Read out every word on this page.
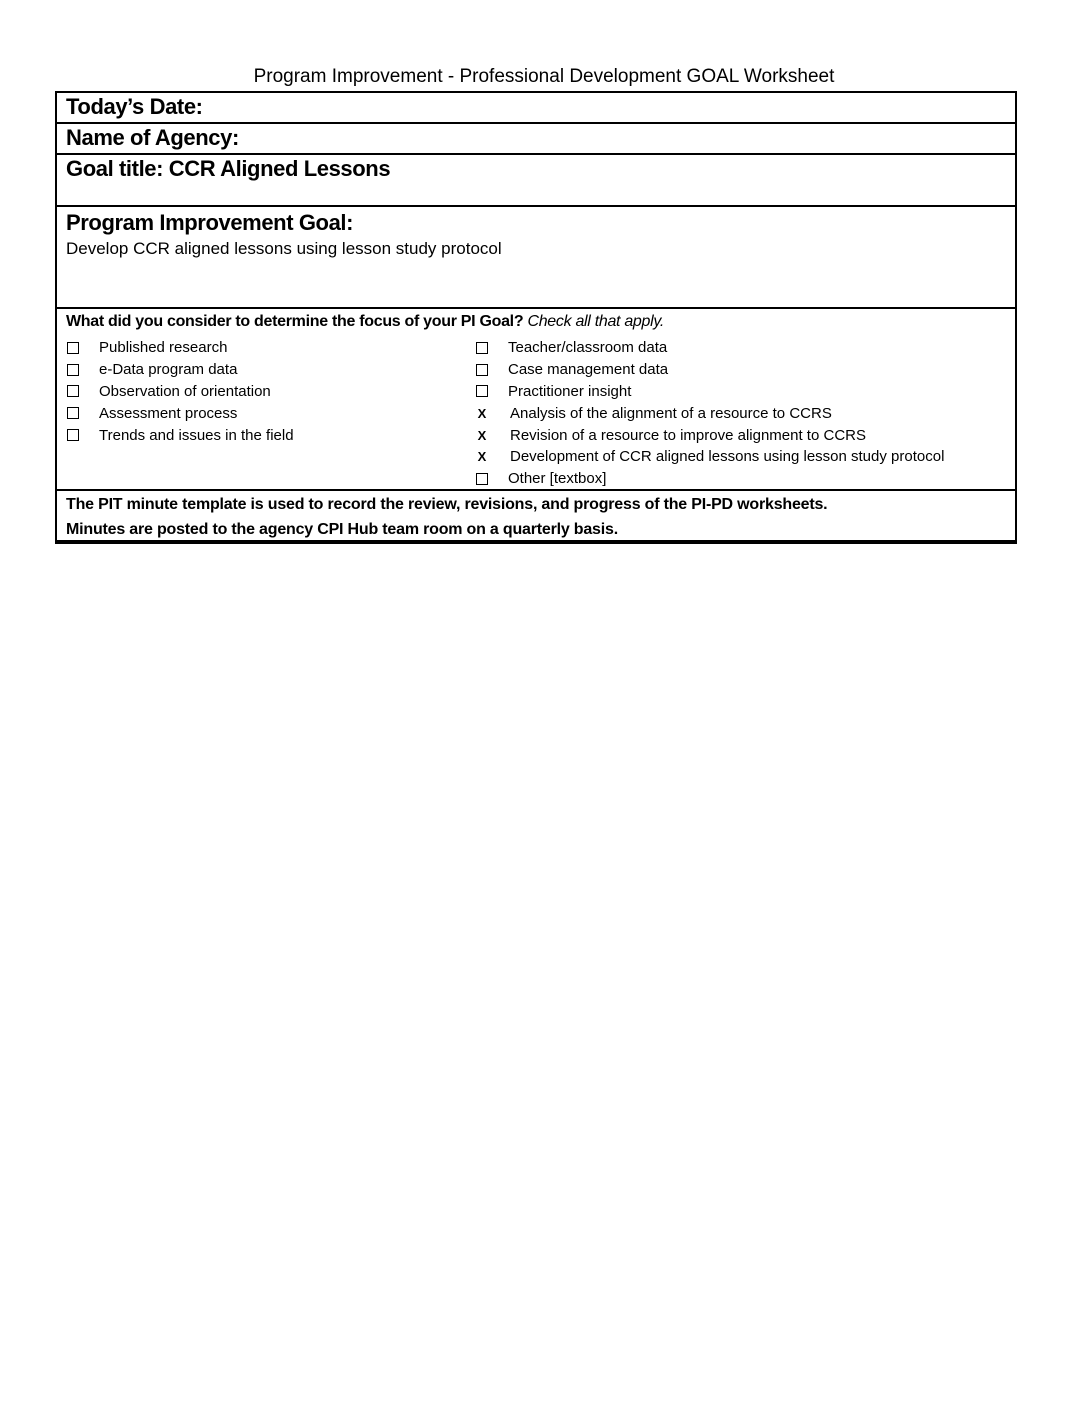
Program Improvement - Professional Development GOAL Worksheet
Today’s Date:
Name of Agency:
Goal title: CCR Aligned Lessons
Program Improvement Goal:
Develop CCR aligned lessons using lesson study protocol
What did you consider to determine the focus of your PI Goal? Check all that apply.
The PIT minute template is used to record the review, revisions, and progress of the PI-PD worksheets.
Minutes are posted to the agency CPI Hub team room on a quarterly basis.
Published research
e-Data program data
Observation of orientation
Assessment process
Trends and issues in the field
Teacher/classroom data
Case management data
Practitioner insight
X Analysis of the alignment of a resource to CCRS
X Revision of a resource to improve alignment to CCRS
X Development of CCR aligned lessons using lesson study protocol
Other [textbox]
